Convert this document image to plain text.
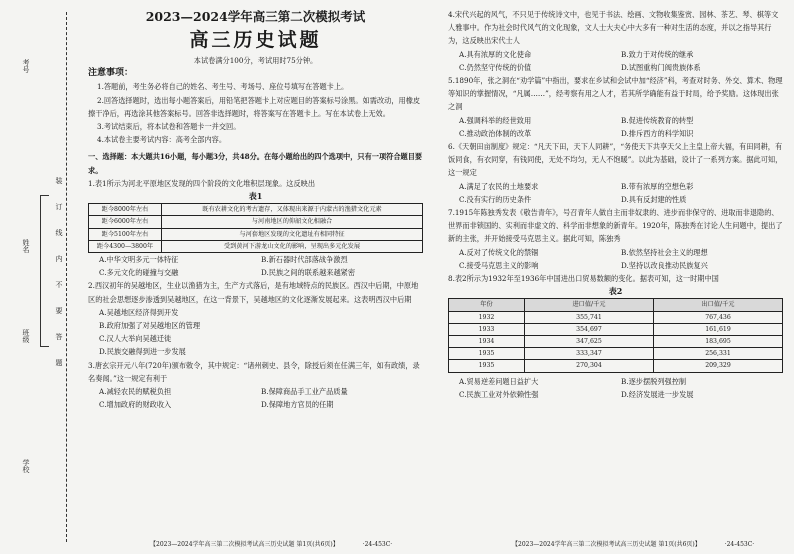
考号
姓名
班级
学校
装
订
线
内
不
要
答
题

2023—2024学年高三第二次模拟考试

高三历史试题

本试卷满分100分，考试用时75分钟。

注意事项：

1.答题前，考生务必将自己的姓名、考生号、考场号、座位号填写在答题卡上。

2.回答选择题时，选出每小题答案后，用铅笔把答题卡上对应题目的答案标号涂黑。如需改动，用橡皮擦干净后，再选涂其他答案标号。回答非选择题时，将答案写在答题卡上。写在本试卷上无效。

3.考试结束后，将本试卷和答题卡一并交回。

4.本试卷主要考试内容：高考全部内容。

一、选择题：本大题共16小题，每小题3分，共48分。在每小题给出的四个选项中，只有一项符合题目要求。

1.表1所示为河北平原地区发现的四个阶段的文化堆积层现象。这反映出

表1

距今8000年左右	既有农耕文化的考古遗存，又体现出来源于内蒙古的渔猎文化元素
距今6000年左右	与河南地区的仰韶文化相融合
距今5100年左右	与河套地区发现的文化遗址有相同特征
距今4300—3800年	受到黄河下游龙山文化的影响，呈现出多元化发展
A.中华文明多元一体特征	B.新石器时代部落战争激烈
C.多元文化的碰撞与交融	D.民族之间的联系越来越紧密

2.西汉初年的吴越地区，生业以渔猎为主，生产方式落后，是有地域特点的民族区。西汉中后期，中原地区的社会思想逐步渗透到吴越地区，在这一背景下，吴越地区的文化逐渐发展起来。这表明西汉中后期

A.吴越地区经济得到开发

B.政府加强了对吴越地区的管理

C.汉人大举向吴越迁徙

D.民族交融得到进一步发展

3.唐玄宗开元八年(720年)颁布敕令，其中规定：“诸州刺史、县令，除授后须在任满三年，如有政绩，录名奏闻。”这一规定有利于

A.减轻农民的赋税负担	B.保障商品手工业产品质量
C.增加政府的财政收入	D.保障地方官员的任期
【2023—2024学年高三第二次模拟考试高三历史试题 第1页(共6页)】	·24-453C·

4.宋代兴起的风气，不只见于传统诗文中，也见于书法、绘画、文物收集鉴赏、园林、茶艺、琴、棋等文人雅事中。作为社会时代风气的文化现象，文人士大夫心中大多有一种对生活的态度，并以之指导其行为，这反映出宋代士人

A.具有浓厚的文化使命	B.致力于对传统的继承
C.仍然坚守传统的价值	D.试图重构门阀贵族体系

5.1890年，张之洞在“劝学篇”中指出，要求在乡试和会试中加“经济”科，考查对时务、外交、算术、物理等知识的掌握情况，“凡属……”，经考察有用之人才，若其所学确能有益于时局，给予奖励。这体现出张之洞

A.强调科举的经世致用	B.促进传统教育的转型
C.推动政治体制的改革	D.排斥西方的科学知识

6.《天朝田亩制度》规定：“凡天下田，天下人同耕”，“务使天下共享天父上主皇上帝大福，有田同耕，有饭同食，有衣同穿，有钱同使，无处不均匀，无人不饱暖”。以此为基础，设计了一系列方案。据此可知，这一规定

A.满足了农民的土地要求	B.带有浓厚的空想色彩
C.没有实行的历史条件	D.具有反封建的性质

7.1915年陈独秀发表《敬告青年》，号召青年人做自主而非奴隶的、进步而非保守的、进取而非退隐的、世界而非锁国的、实利而非虚文的、科学而非想象的新青年。1920年，陈独秀在讨论人生问题中，提出了新的主张，并开始接受马克思主义。据此可知，陈独秀

A.反对了传统文化的禁锢	B.依然坚持社会主义的理想
C.接受马克思主义的影响	D.坚持以改良推动民族复兴

8.表2所示为1932年至1936年中国进出口贸易数额的变化。据表可知，这一时期中国

表2

年份	进口值/千元	出口值/千元
1932	355,741	767,436
1933	354,697	161,619
1934	347,625	183,695
1935	333,347	256,331
1935	270,304	209,329
A.贸易逆差问题日益扩大	B.逐步摆脱列强控制
C.民族工业对外依赖性强	D.经济发展进一步发展
【2023—2024学年高三第二次模拟考试高三历史试题 第1页(共6页)】	·24-453C·
